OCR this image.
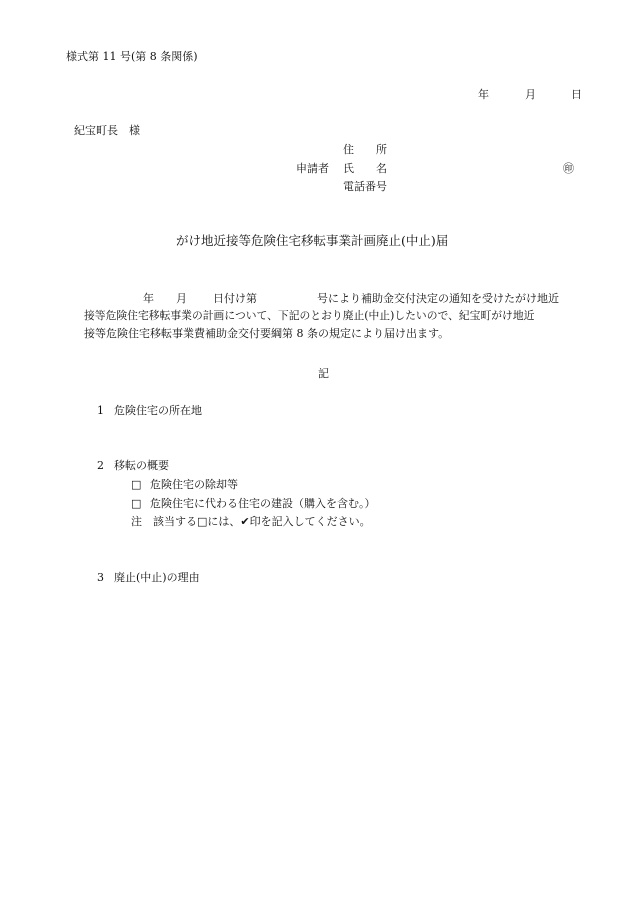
様式第 11 号(第 8 条関係)
年	月	日
紀宝町長　様
住　　所
申請者 氏　　名	㊞
電話番号
がけ地近接等危険住宅移転事業計画廃止(中止)届
年 月 日付け第	号により補助金交付決定の通知を受けたがけ地近
接等危険住宅移転事業の計画について、下記のとおり廃止(中止)したいので、紀宝町がけ地近
接等危険住宅移転事業費補助金交付要綱第 8 条の規定により届け出ます。
記
1 危険住宅の所在地
2 移転の概要
□ 危険住宅の除却等
□ 危険住宅に代わる住宅の建設（購入を含む。）
注　該当する□には、✔印を記入してください。
3 廃止(中止)の理由
